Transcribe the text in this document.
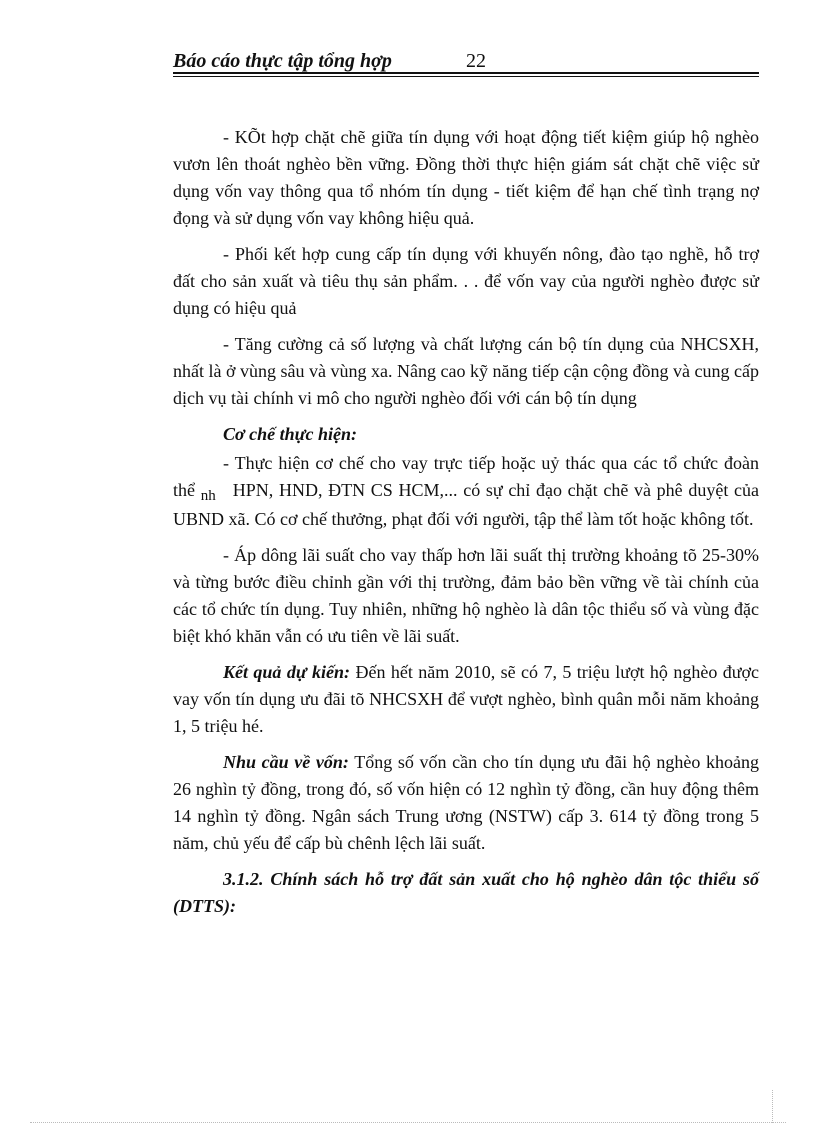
Báo cáo thực tập tổng hợp	22

- KÕt hợp chặt chẽ giữa tín dụng với hoạt động tiết kiệm giúp hộ nghèo vươn lên thoát nghèo bền vững. Đồng thời thực hiện giám sát chặt chẽ việc sử dụng vốn vay thông qua tổ nhóm tín dụng - tiết kiệm để hạn chế tình trạng nợ đọng và sử dụng vốn vay không hiệu quả.

- Phối kết hợp cung cấp tín dụng với khuyến nông, đào tạo nghề, hỗ trợ đất cho sản xuất và tiêu thụ sản phẩm. . . để vốn vay của người nghèo được sử dụng có hiệu quả

- Tăng cường cả số lượng và chất lượng cán bộ tín dụng của NHCSXH, nhất là ở vùng sâu và vùng xa. Nâng cao kỹ năng tiếp cận cộng đồng và cung cấp dịch vụ tài chính vi mô cho người nghèo đối với cán bộ tín dụng

Cơ chế thực hiện:

- Thực hiện cơ chế cho vay trực tiếp hoặc uỷ thác qua các tổ chức đoàn thể $_{nh}$ HPN, HND, ĐTN CS HCM,... có sự chỉ đạo chặt chẽ và phê duyệt của UBND xã. Có cơ chế thưởng, phạt đối với người, tập thể làm tốt hoặc không tốt.

- Áp dông lãi suất cho vay thấp hơn lãi suất thị trường khoảng tõ 25-30% và từng bước điều chỉnh gần với thị trường, đảm bảo bền vững về tài chính của các tổ chức tín dụng. Tuy nhiên, những hộ nghèo là dân tộc thiểu số và vùng đặc biệt khó khăn vẫn có ưu tiên về lãi suất.

Kết quả dự kiến: Đến hết năm 2010, sẽ có 7, 5 triệu lượt hộ nghèo được vay vốn tín dụng ưu đãi tõ NHCSXH để vượt nghèo, bình quân mỗi năm khoảng 1, 5 triệu hé.

Nhu cầu về vốn: Tổng số vốn cần cho tín dụng ưu đãi hộ nghèo khoảng 26 nghìn tỷ đồng, trong đó, số vốn hiện có 12 nghìn tỷ đồng, cần huy động thêm 14 nghìn tỷ đồng. Ngân sách Trung ương (NSTW) cấp 3. 614 tỷ đồng trong 5 năm, chủ yếu để cấp bù chênh lệch lãi suất.

3.1.2. Chính sách hỗ trợ đất sản xuất cho hộ nghèo dân tộc thiểu số (DTTS):
